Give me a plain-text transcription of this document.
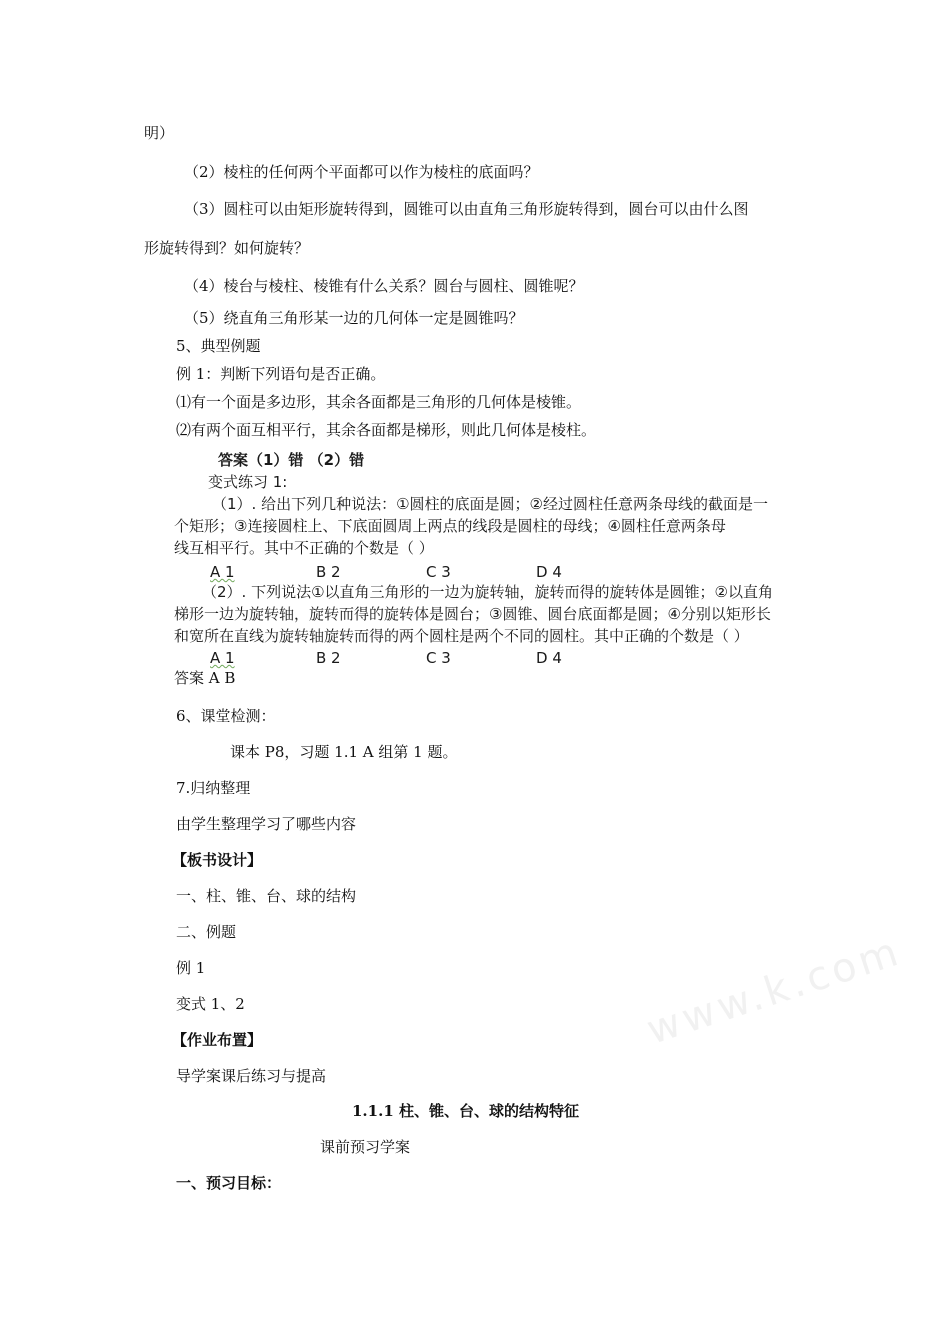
明）
（2）棱柱的任何两个平面都可以作为棱柱的底面吗？
（3）圆柱可以由矩形旋转得到，圆锥可以由直角三角形旋转得到，圆台可以由什么图
形旋转得到？如何旋转？
（4）棱台与棱柱、棱锥有什么关系？圆台与圆柱、圆锥呢？
（5）绕直角三角形某一边的几何体一定是圆锥吗？
5、典型例题
例 1：判断下列语句是否正确。
⑴有一个面是多边形，其余各面都是三角形的几何体是棱锥。
⑵有两个面互相平行，其余各面都是梯形，则此几何体是棱柱。
www.k.com
答案（1）错 （2）错
变式练习 1:
（1）. 给出下列几种说法：①圆柱的底面是圆；②经过圆柱任意两条母线的截面是一
个矩形；③连接圆柱上、下底面圆周上两点的线段是圆柱的母线；④圆柱任意两条母
线互相平行。其中不正确的个数是（ ）
A 1	B 2	C 3	D 4
（2）. 下列说法①以直角三角形的一边为旋转轴，旋转而得的旋转体是圆锥；②以直角
梯形一边为旋转轴，旋转而得的旋转体是圆台；③圆锥、圆台底面都是圆；④分别以矩形长
和宽所在直线为旋转轴旋转而得的两个圆柱是两个不同的圆柱。其中正确的个数是（ ）
A 1	B 2	C 3	D 4
答案 A B
6、课堂检测：
课本 P8，习题 1.1 A 组第 1 题。
7.归纳整理
由学生整理学习了哪些内容
【板书设计】
一、柱、锥、台、球的结构
二、例题
例 1
变式 1、2
【作业布置】
导学案课后练习与提高
1.1.1 柱、锥、台、球的结构特征
课前预习学案
一、预习目标：
